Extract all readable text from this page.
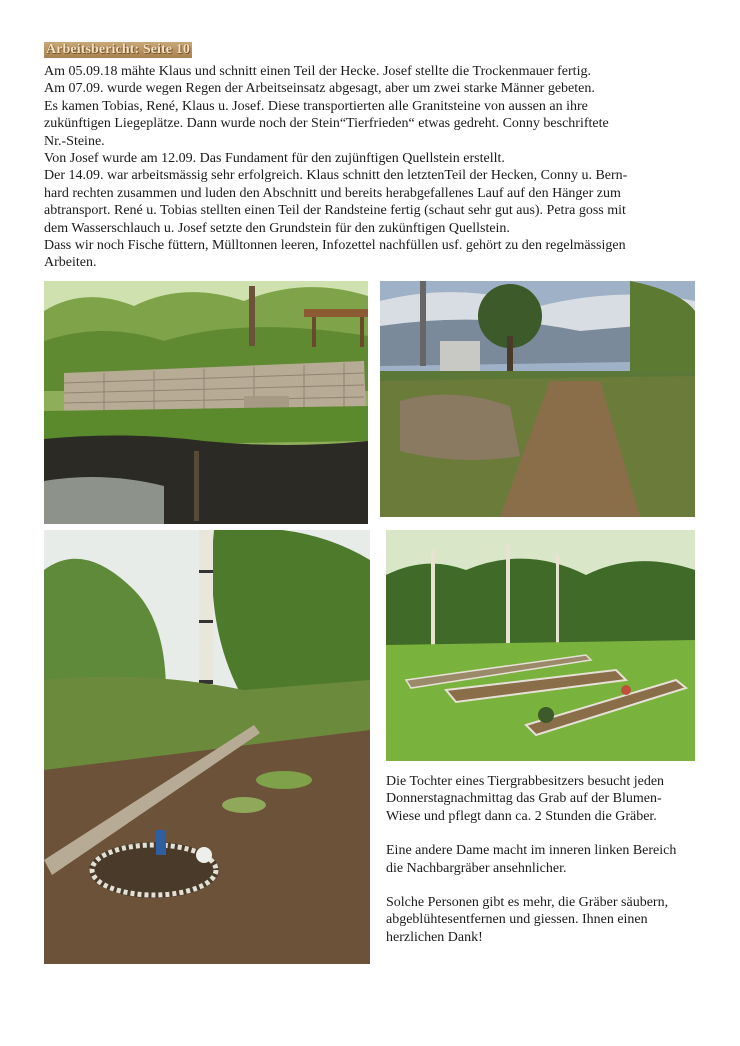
Arbeitsbericht: Seite 10

Am 05.09.18 mähte Klaus und schnitt einen Teil der Hecke. Josef stellte die Trockenmauer fertig.

Am 07.09. wurde wegen Regen der Arbeitseinsatz abgesagt, aber um zwei starke Männer gebeten.

Es kamen Tobias, René, Klaus u. Josef. Diese transportierten alle Granitsteine von aussen an ihre

zukünftigen Liegeplätze. Dann wurde noch der Stein“Tierfrieden“ etwas gedreht. Conny beschriftete

Nr.-Steine.

Von Josef wurde am 12.09. Das Fundament für den zujünftigen Quellstein erstellt.

Der 14.09. war arbeitsmässig sehr erfolgreich. Klaus schnitt den letztenTeil der Hecken, Conny u. Bern-

hard rechten zusammen und luden den Abschnitt und bereits herabgefallenes Lauf auf den Hänger zum

abtransport. René u. Tobias stellten einen Teil der Randsteine fertig (schaut sehr gut aus). Petra goss mit

dem Wasserschlauch u. Josef setzte den Grundstein für den zukünftigen Quellstein.

Dass wir noch Fische füttern, Mülltonnen leeren, Infozettel nachfüllen usf. gehört zu den regelmässigen

Arbeiten.

Die Tochter eines Tiergrabbesitzers besucht jeden
Donnerstagnachmittag das Grab auf der Blumen-
Wiese und pflegt dann ca. 2 Stunden die Gräber.

Eine andere Dame macht im inneren linken Bereich
die Nachbargräber ansehnlicher.

Solche Personen gibt es mehr, die Gräber säubern,
abgeblühtesentfernen und giessen. Ihnen einen
herzlichen Dank!
